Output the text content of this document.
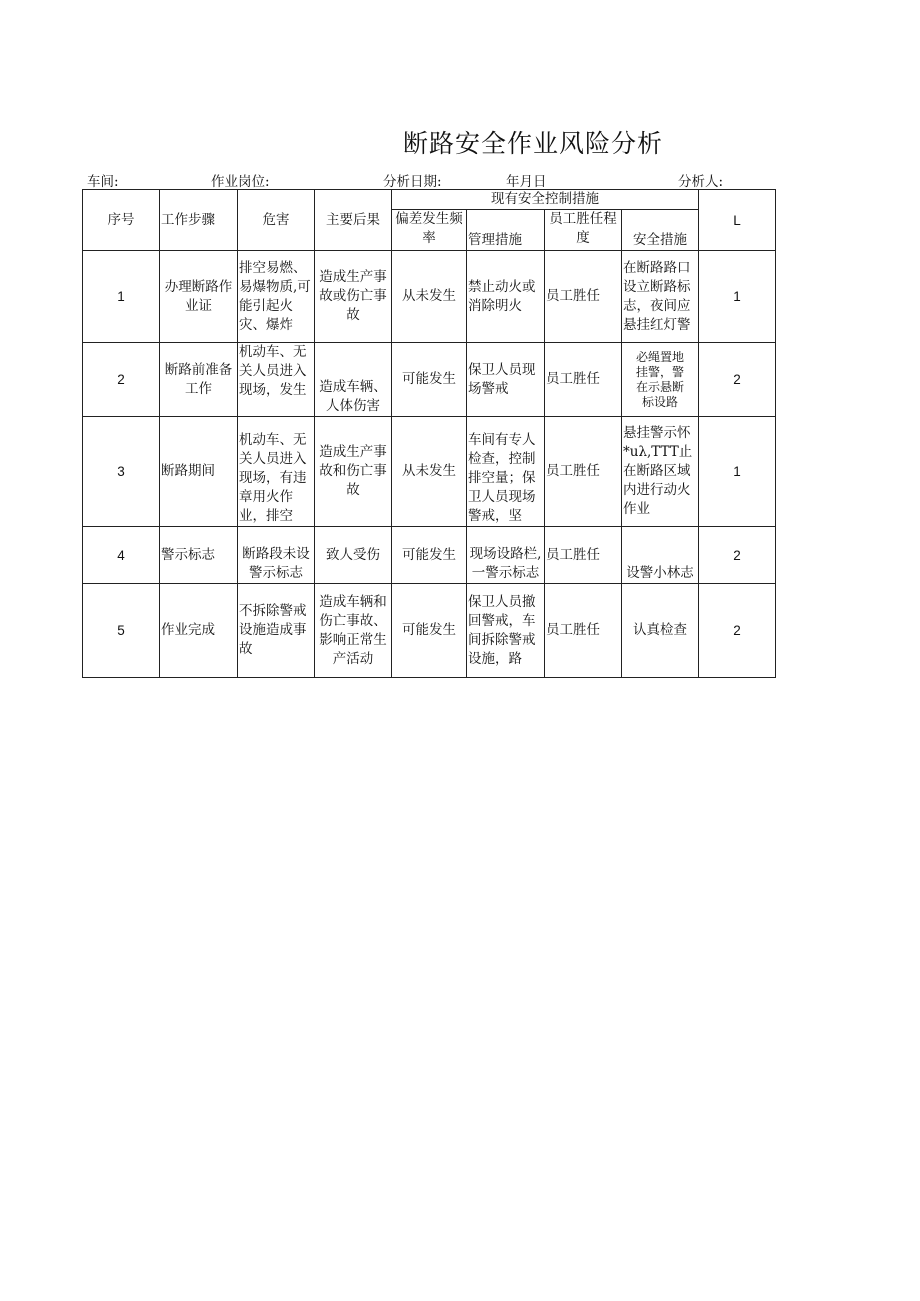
断路安全作业风险分析
车间:	作业岗位:	分析日期:	年月日	分析人:
序号	工作步骤	危害	主要后果	现有安全控制措施				L
				偏差发生频率	管理措施	员工胜任程度	安全措施	
1	办理断路作业证	排空易燃、易爆物质,可能引起火灾、爆炸	造成生产事故或伤亡事故	从未发生	禁止动火或消除明火	员工胜任	在断路路口设立断路标志，夜间应悬挂红灯警	1
2	断路前准备工作	机动车、无关人员进入现场，发生	造成车辆、人体伤害	可能发生	保卫人员现场警戒	员工胜任	必绳置地挂警，警在示悬断标设路	2
3	断路期间	机动车、无关人员进入现场，有违章用火作业，排空	造成生产事故和伤亡事故	从未发生	车间有专人检查，控制排空量；保卫人员现场警戒，坚	员工胜任	悬挂警示怀*uλ,TTT止在断路区域内进行动火作业	1
4	警示标志	断路段未设警示标志	致人受伤	可能发生	现场设路栏,一警示标志	员工胜任	设警小林志	2
5	作业完成	不拆除警戒设施造成事故	造成车辆和伤亡事故、影响正常生产活动	可能发生	保卫人员撤回警戒，车间拆除警戒设施，路	员工胜任	认真检查	2
